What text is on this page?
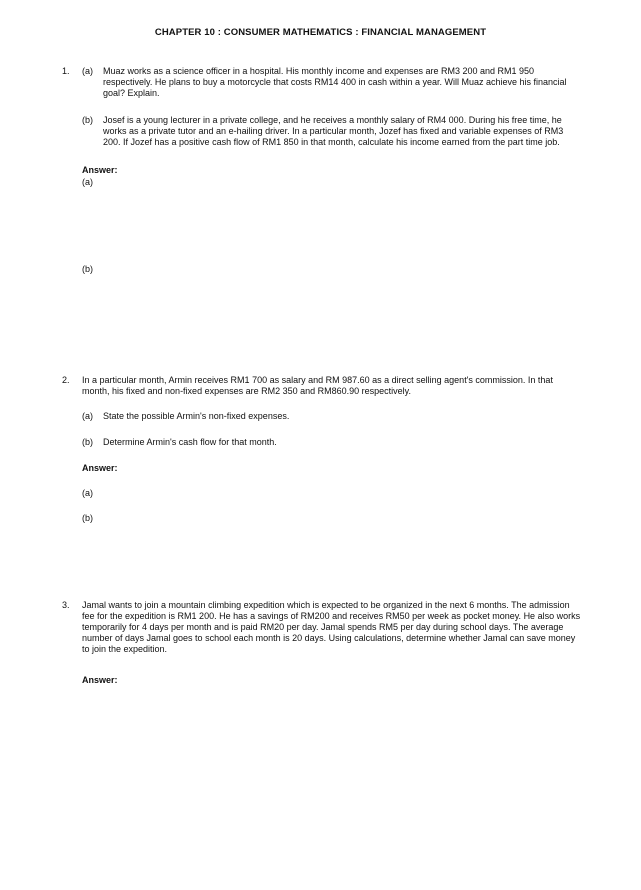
CHAPTER 10 : CONSUMER MATHEMATICS : FINANCIAL MANAGEMENT
1. (a) Muaz works as a science officer in a hospital. His monthly income and expenses are RM3 200 and RM1 950 respectively. He plans to buy a motorcycle that costs RM14 400 in cash within a year. Will Muaz achieve his financial goal? Explain.
(b) Josef is a young lecturer in a private college, and he receives a monthly salary of RM4 000. During his free time, he works as a private tutor and an e-hailing driver. In a particular month, Jozef has fixed and variable expenses of RM3 200. If Jozef has a positive cash flow of RM1 850 in that month, calculate his income earned from the part time job.
Answer:
(a)
(b)
2. In a particular month, Armin receives RM1 700 as salary and RM 987.60 as a direct selling agent's commission. In that month, his fixed and non-fixed expenses are RM2 350 and RM860.90 respectively.
(a) State the possible Armin's non-fixed expenses.
(b) Determine Armin's cash flow for that month.
Answer:
(a)
(b)
3. Jamal wants to join a mountain climbing expedition which is expected to be organized in the next 6 months. The admission fee for the expedition is RM1 200. He has a savings of RM200 and receives RM50 per week as pocket money. He also works temporarily for 4 days per month and is paid RM20 per day. Jamal spends RM5 per day during school days. The average number of days Jamal goes to school each month is 20 days. Using calculations, determine whether Jamal can save money to join the expedition.
Answer:
